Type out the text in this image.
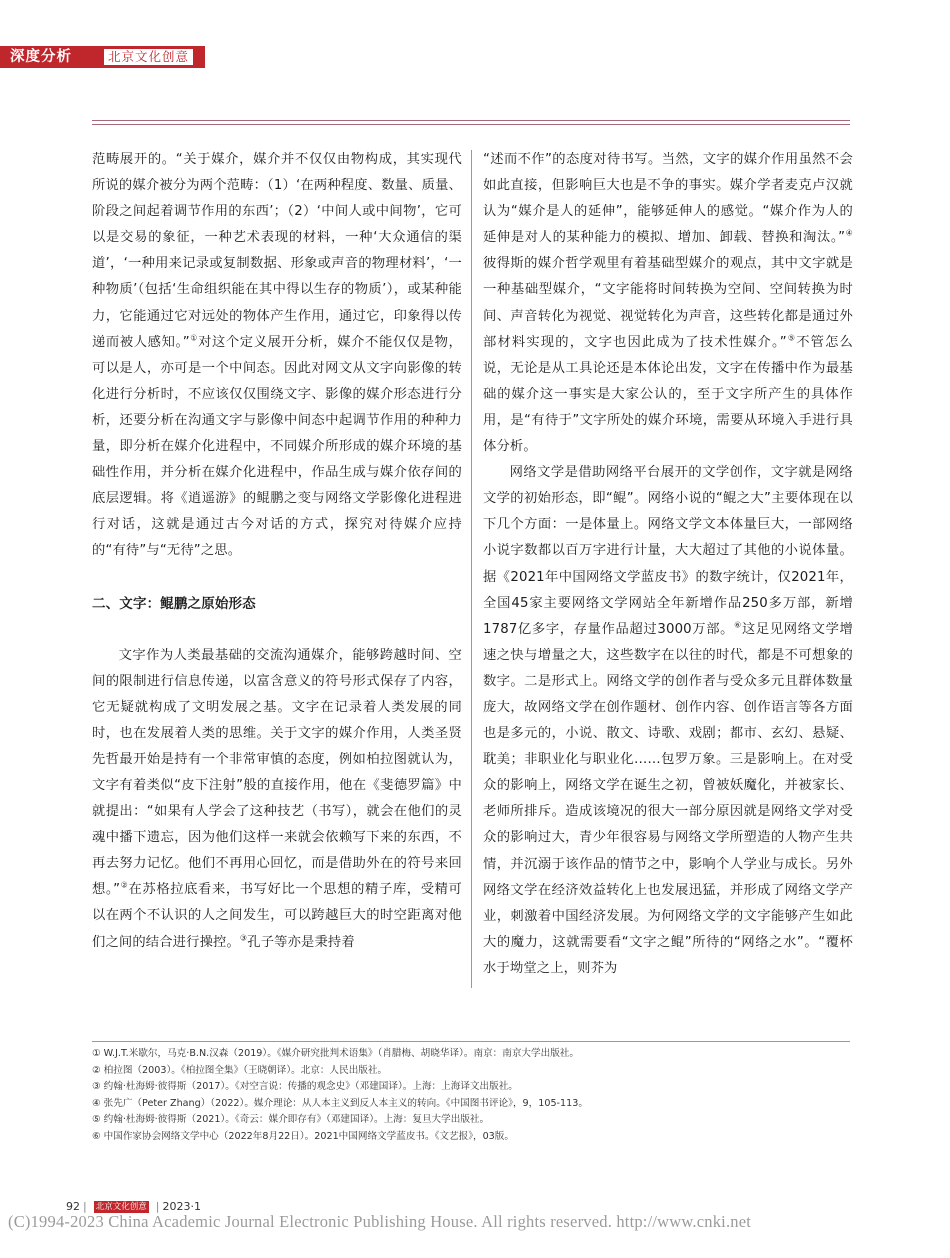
深度分析	北京文化创意

范畴展开的。“关于媒介，媒介并不仅仅由物构成，其实现代所说的媒介被分为两个范畴：（1）‘在两种程度、数量、质量、阶段之间起着调节作用的东西’；（2）‘中间人或中间物’，它可以是交易的象征，一种艺术表现的材料，一种‘大众通信的渠道’，‘一种用来记录或复制数据、形象或声音的物理材料’，‘一种物质’（包括‘生命组织能在其中得以生存的物质’），或某种能力，它能通过它对远处的物体产生作用，通过它，印象得以传递而被人感知。”①对这个定义展开分析，媒介不能仅仅是物，可以是人，亦可是一个中间态。因此对网文从文字向影像的转化进行分析时，不应该仅仅围绕文字、影像的媒介形态进行分析，还要分析在沟通文字与影像中间态中起调节作用的种种力量，即分析在媒介化进程中，不同媒介所形成的媒介环境的基础性作用，并分析在媒介化进程中，作品生成与媒介依存间的底层逻辑。将《逍遥游》的鲲鹏之变与网络文学影像化进程进行对话，这就是通过古今对话的方式，探究对待媒介应持的“有待”与“无待”之思。

二、文字：鲲鹏之原始形态

文字作为人类最基础的交流沟通媒介，能够跨越时间、空间的限制进行信息传递，以富含意义的符号形式保存了内容，它无疑就构成了文明发展之基。文字在记录着人类发展的同时，也在发展着人类的思维。关于文字的媒介作用，人类圣贤先哲最开始是持有一个非常审慎的态度，例如柏拉图就认为，文字有着类似“皮下注射”般的直接作用，他在《斐德罗篇》中就提出：“如果有人学会了这种技艺（书写），就会在他们的灵魂中播下遗忘，因为他们这样一来就会依赖写下来的东西，不再去努力记忆。他们不再用心回忆，而是借助外在的符号来回想。”②在苏格拉底看来，书写好比一个思想的精子库，受精可以在两个不认识的人之间发生，可以跨越巨大的时空距离对他们之间的结合进行操控。③孔子等亦是秉持着

“述而不作”的态度对待书写。当然，文字的媒介作用虽然不会如此直接，但影响巨大也是不争的事实。媒介学者麦克卢汉就认为“媒介是人的延伸”，能够延伸人的感觉。“媒介作为人的延伸是对人的某种能力的模拟、增加、卸载、替换和淘汰。”④彼得斯的媒介哲学观里有着基础型媒介的观点，其中文字就是一种基础型媒介，“文字能将时间转换为空间、空间转换为时间、声音转化为视觉、视觉转化为声音，这些转化都是通过外部材料实现的，文字也因此成为了技术性媒介。”⑤不管怎么说，无论是从工具论还是本体论出发，文字在传播中作为最基础的媒介这一事实是大家公认的，至于文字所产生的具体作用，是“有待于”文字所处的媒介环境，需要从环境入手进行具体分析。

网络文学是借助网络平台展开的文学创作，文字就是网络文学的初始形态，即“鲲”。网络小说的“鲲之大”主要体现在以下几个方面：一是体量上。网络文学文本体量巨大，一部网络小说字数都以百万字进行计量，大大超过了其他的小说体量。据《2021年中国网络文学蓝皮书》的数字统计，仅2021年，全国45家主要网络文学网站全年新增作品250多万部，新增1787亿多字，存量作品超过3000万部。⑥这足见网络文学增速之快与增量之大，这些数字在以往的时代，都是不可想象的数字。二是形式上。网络文学的创作者与受众多元且群体数量庞大，故网络文学在创作题材、创作内容、创作语言等各方面也是多元的，小说、散文、诗歌、戏剧；都市、玄幻、悬疑、耽美；非职业化与职业化……包罗万象。三是影响上。在对受众的影响上，网络文学在诞生之初，曾被妖魔化，并被家长、老师所排斥。造成该境况的很大一部分原因就是网络文学对受众的影响过大，青少年很容易与网络文学所塑造的人物产生共情，并沉溺于该作品的情节之中，影响个人学业与成长。另外网络文学在经济效益转化上也发展迅猛，并形成了网络文学产业，刺激着中国经济发展。为何网络文学的文字能够产生如此大的魔力，这就需要看“文字之鲲”所待的“网络之水”。“覆杯水于坳堂之上，则芥为

① W.J.T.米歇尔，马克·B.N.汉森（2019）。《媒介研究批判术语集》（肖腊梅、胡晓华译）。南京：南京大学出版社。
② 柏拉图（2003）。《柏拉图全集》（王晓朝译）。北京：人民出版社。
③ 约翰·杜海姆·彼得斯（2017）。《对空言说：传播的观念史》（邓建国译）。上海：上海译文出版社。
④ 张先广（Peter Zhang）（2022）。媒介理论：从人本主义到反人本主义的转向。《中国图书评论》，9，105-113。
⑤ 约翰·杜海姆·彼得斯（2021）。《奇云：媒介即存有》（邓建国译）。上海：复旦大学出版社。
⑥ 中国作家协会网络文学中心（2022年8月22日）。2021中国网络文学蓝皮书。《文艺报》，03版。
92 | 北京文化创意 | 2023·1
(C)1994-2023 China Academic Journal Electronic Publishing House. All rights reserved. http://www.cnki.net
